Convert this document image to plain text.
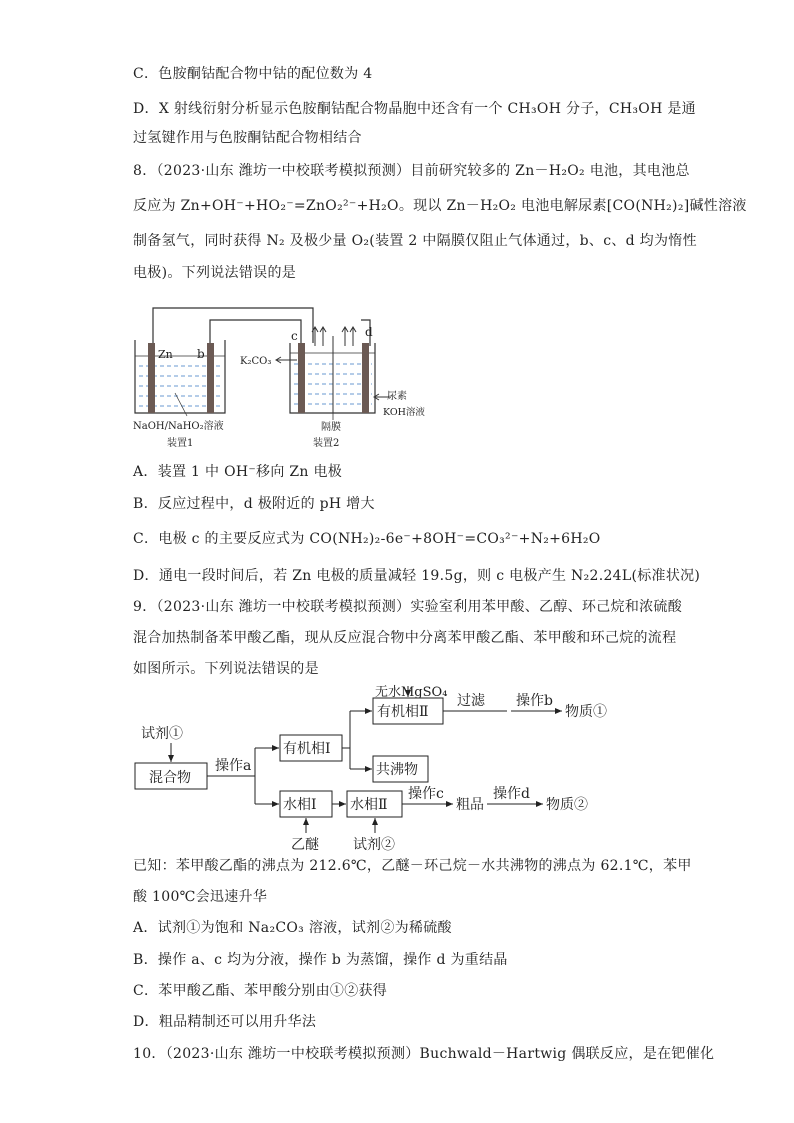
C．色胺酮钴配合物中钴的配位数为 4
D．X 射线衍射分析显示色胺酮钴配合物晶胞中还含有一个 CH₃OH 分子，CH₃OH 是通
过氢键作用与色胺酮钴配合物相结合
8．（2023·山东 潍坊一中校联考模拟预测）目前研究较多的 Zn－H₂O₂ 电池，其电池总
反应为 Zn+OH⁻+HO₂⁻=ZnO₂²⁻+H₂O。现以 Zn－H₂O₂ 电池电解尿素[CO(NH₂)₂]碱性溶液
制备氢气，同时获得 N₂ 及极少量 O₂(装置 2 中隔膜仅阻止气体通过，b、c、d 均为惰性
电极)。下列说法错误的是
Zn b
NaOH/NaHO₂溶液
装置1
c	d
K₂CO₃
尿素
KOH溶液
隔膜
装置2
A．装置 1 中 OH⁻移向 Zn 电极
B．反应过程中，d 极附近的 pH 增大
C．电极 c 的主要反应式为 CO(NH₂)₂-6e⁻+8OH⁻=CO₃²⁻+N₂+6H₂O
D．通电一段时间后，若 Zn 电极的质量减轻 19.5g，则 c 电极产生 N₂2.24L(标准状况)
9．（2023·山东 潍坊一中校联考模拟预测）实验室利用苯甲酸、乙醇、环己烷和浓硫酸
混合加热制备苯甲酸乙酯，现从反应混合物中分离苯甲酸乙酯、苯甲酸和环己烷的流程
如图所示。下列说法错误的是
混合物
有机相Ⅰ
有机相Ⅱ
共沸物
水相Ⅰ 水相Ⅱ
试剂①
操作a
无水MgSO₄
过滤 操作b
物质①
操作c
粗品
操作d
物质②
乙醚 试剂②
已知：苯甲酸乙酯的沸点为 212.6℃，乙醚－环己烷－水共沸物的沸点为 62.1℃，苯甲
酸 100℃会迅速升华
A．试剂①为饱和 Na₂CO₃ 溶液，试剂②为稀硫酸
B．操作 a、c 均为分液，操作 b 为蒸馏，操作 d 为重结晶
C．苯甲酸乙酯、苯甲酸分别由①②获得
D．粗品精制还可以用升华法
10．（2023·山东 潍坊一中校联考模拟预测）Buchwald－Hartwig 偶联反应，是在钯催化
